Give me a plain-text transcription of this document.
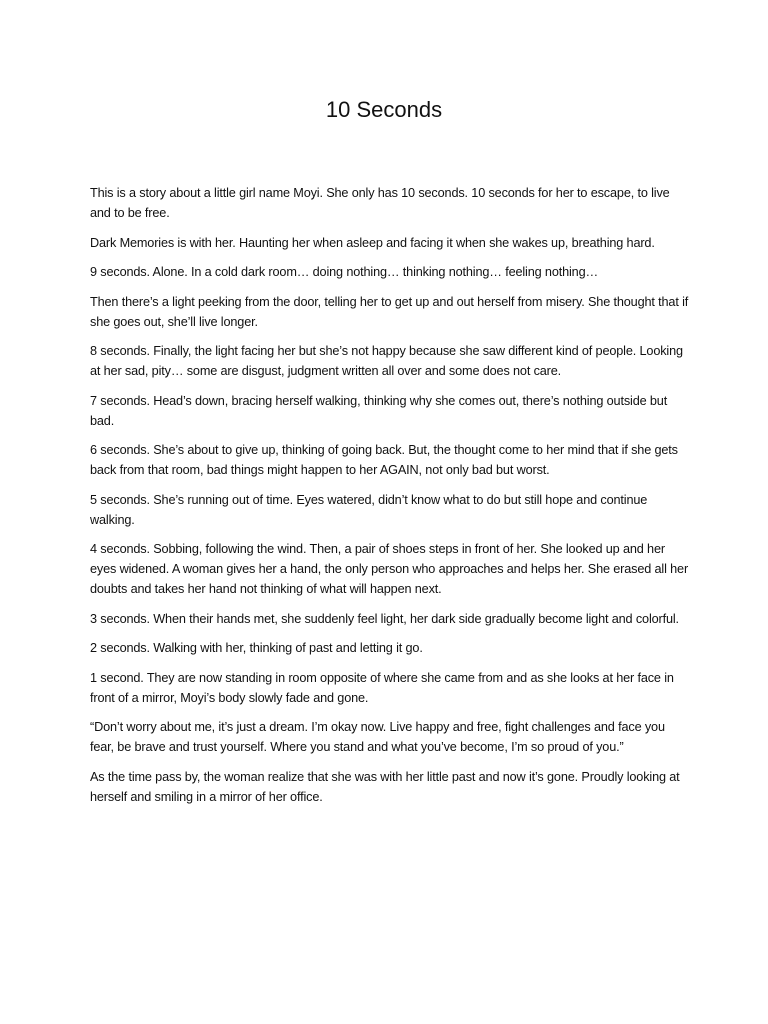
10 Seconds

This is a story about a little girl name Moyi. She only has 10 seconds. 10 seconds for her to escape, to live and to be free.

Dark Memories is with her. Haunting her when asleep and facing it when she wakes up, breathing hard.

9 seconds. Alone. In a cold dark room… doing nothing… thinking nothing… feeling nothing…

Then there’s a light peeking from the door, telling her to get up and out herself from misery. She thought that if she goes out, she’ll live longer.

8 seconds. Finally, the light facing her but she’s not happy because she saw different kind of people. Looking at her sad, pity… some are disgust, judgment written all over and some does not care.

7 seconds. Head’s down, bracing herself walking, thinking why she comes out, there’s nothing outside but bad.

6 seconds. She’s about to give up, thinking of going back. But, the thought come to her mind that if she gets back from that room, bad things might happen to her AGAIN, not only bad but worst.

5 seconds. She’s running out of time. Eyes watered, didn’t know what to do but still hope and continue walking.

4 seconds. Sobbing, following the wind. Then, a pair of shoes steps in front of her. She looked up and her eyes widened. A woman gives her a hand, the only person who approaches and helps her. She erased all her doubts and takes her hand not thinking of what will happen next.

3 seconds. When their hands met, she suddenly feel light, her dark side gradually become light and colorful.

2 seconds. Walking with her, thinking of past and letting it go.

1 second. They are now standing in room opposite of where she came from and as she looks at her face in front of a mirror, Moyi’s body slowly fade and gone.

“Don’t worry about me, it’s just a dream. I’m okay now. Live happy and free, fight challenges and face you fear, be brave and trust yourself. Where you stand and what you’ve become, I’m so proud of you.”

As the time pass by, the woman realize that she was with her little past and now it’s gone. Proudly looking at herself and smiling in a mirror of her office.
